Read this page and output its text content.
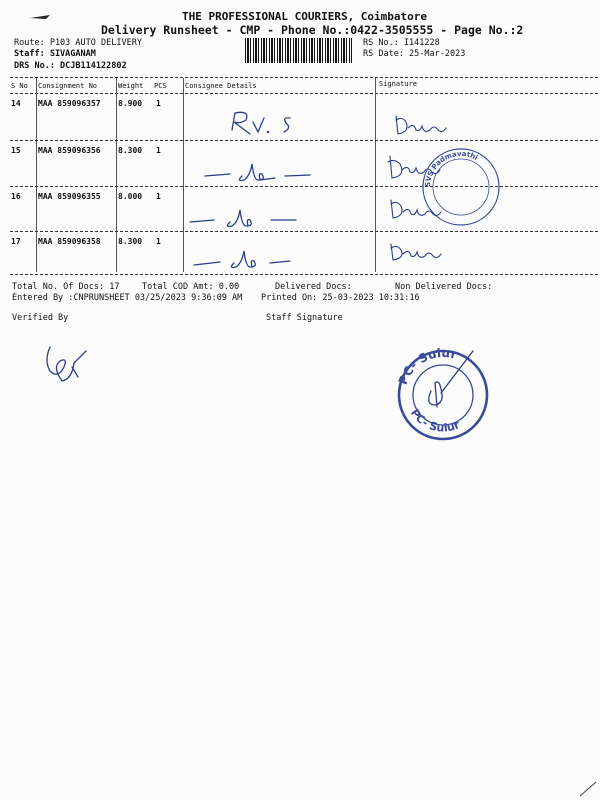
THE PROFESSIONAL COURIERS, Coimbatore
Delivery Runsheet - CMP - Phone No.:0422-3505555 - Page No.:2
Route: P103 AUTO DELIVERY
Staff: SIVAGANAM
DRS No.: DCJB114122802
RS No.: I141228
RS Date: 25-Mar-2023
S No Consignment No	Weight PCS	Consignee Details	Signature
14 MAA 859096357 8.900 1
15 MAA 859096356 8.300 1
16 MAA 859096355 8.000 1
17 MAA 859096358 8.300 1
SVS Padmavathi
Total No. Of Docs: 17	Total COD Amt: 0.00	Delivered Docs:	Non Delivered Docs:
Entered By :CNPRUNSHEET 03/25/2023 9:36:09 AM Printed On: 25-03-2023 10:31:16
Verified By	Staff Signature
PC- Sulur
PC- Sulur
